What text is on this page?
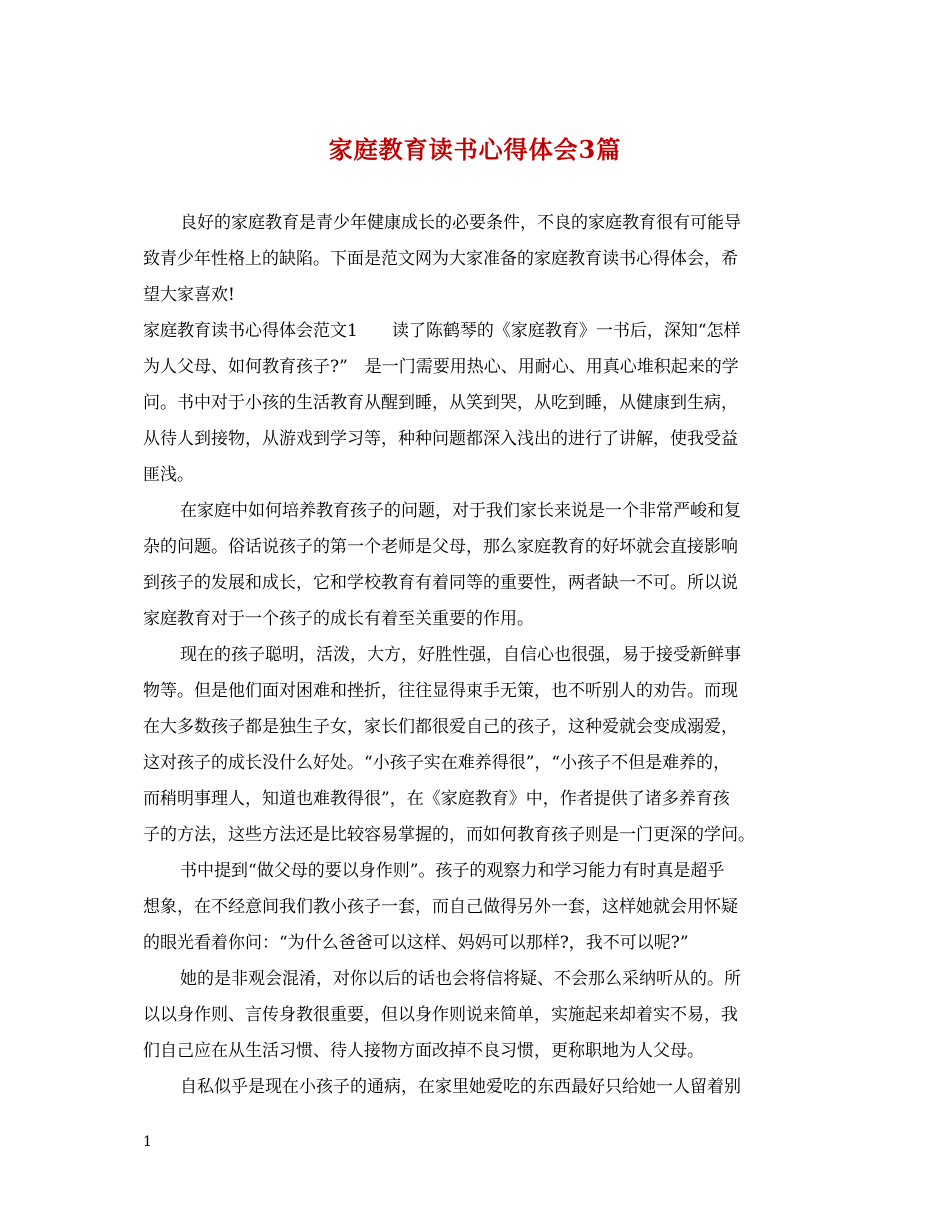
家庭教育读书心得体会3篇
良好的家庭教育是青少年健康成长的必要条件，不良的家庭教育很有可能导
致青少年性格上的缺陷。下面是范文网为大家准备的家庭教育读书心得体会，希
望大家喜欢!
家庭教育读书心得体会范文1　　读了陈鹤琴的《家庭教育》一书后，深知“怎样
为人父母、如何教育孩子?”　是一门需要用热心、用耐心、用真心堆积起来的学
问。书中对于小孩的生活教育从醒到睡，从笑到哭，从吃到睡，从健康到生病，
从待人到接物，从游戏到学习等，种种问题都深入浅出的进行了讲解，使我受益
匪浅。
在家庭中如何培养教育孩子的问题，对于我们家长来说是一个非常严峻和复
杂的问题。俗话说孩子的第一个老师是父母，那么家庭教育的好坏就会直接影响
到孩子的发展和成长，它和学校教育有着同等的重要性，两者缺一不可。所以说
家庭教育对于一个孩子的成长有着至关重要的作用。
现在的孩子聪明，活泼，大方，好胜性强，自信心也很强，易于接受新鲜事
物等。但是他们面对困难和挫折，往往显得束手无策，也不听别人的劝告。而现
在大多数孩子都是独生子女，家长们都很爱自己的孩子，这种爱就会变成溺爱，
这对孩子的成长没什么好处。“小孩子实在难养得很”，“小孩子不但是难养的，
而稍明事理人，知道也难教得很”，在《家庭教育》中，作者提供了诸多养育孩
子的方法，这些方法还是比较容易掌握的，而如何教育孩子则是一门更深的学问。
书中提到“做父母的要以身作则”。孩子的观察力和学习能力有时真是超乎
想象，在不经意间我们教小孩子一套，而自己做得另外一套，这样她就会用怀疑
的眼光看着你问：“为什么爸爸可以这样、妈妈可以那样?，我不可以呢?”
她的是非观会混淆，对你以后的话也会将信将疑、不会那么采纳听从的。所
以以身作则、言传身教很重要，但以身作则说来简单，实施起来却着实不易，我
们自己应在从生活习惯、待人接物方面改掉不良习惯，更称职地为人父母。
自私似乎是现在小孩子的通病，在家里她爱吃的东西最好只给她一人留着别
1
